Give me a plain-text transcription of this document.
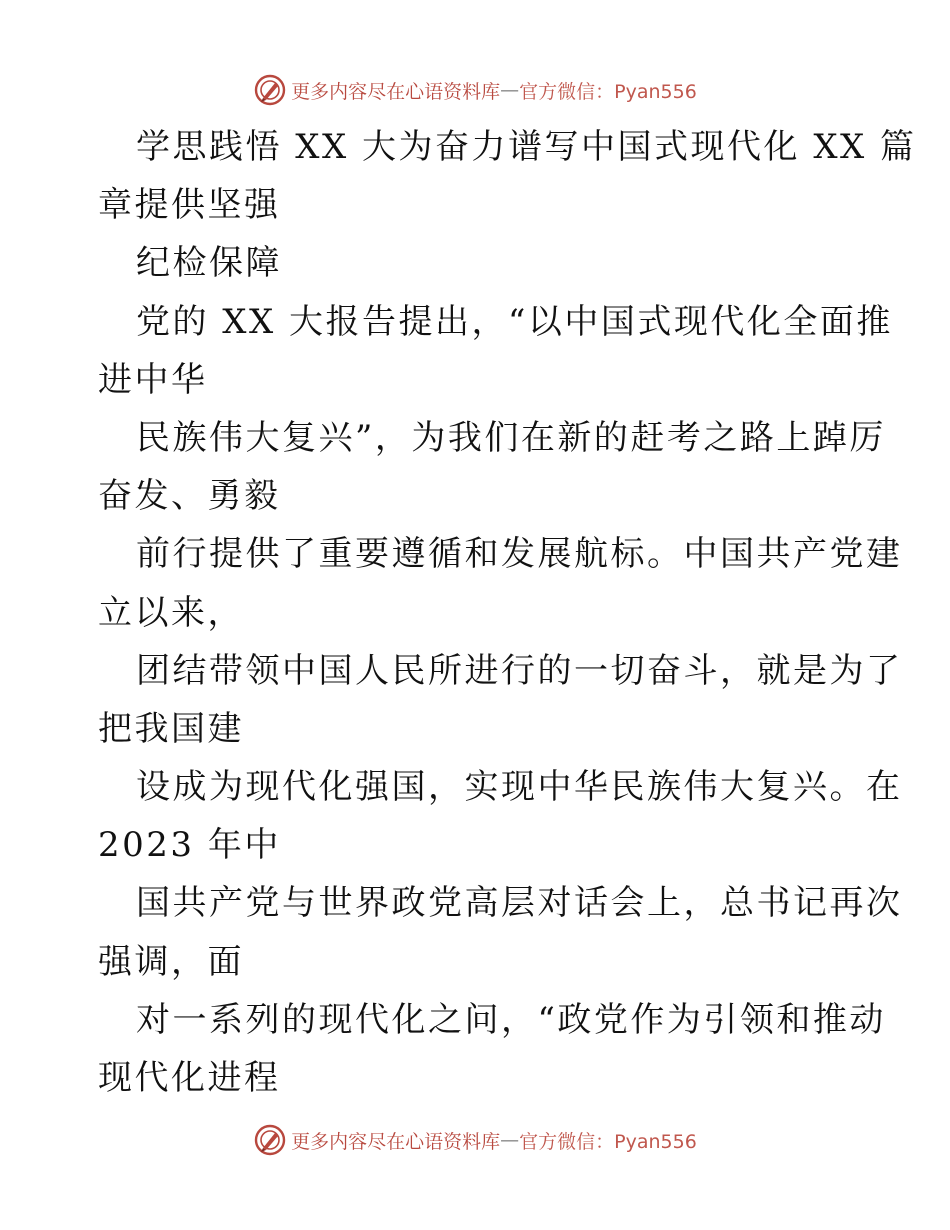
更多内容尽在心语资料库 — 官方微信：Pyan556
学思践悟 XX 大为奋力谱写中国式现代化 XX 篇
章提供坚强
纪检保障
党的 XX 大报告提出，“以中国式现代化全面推
进中华
民族伟大复兴”，为我们在新的赶考之路上踔厉
奋发、勇毅
前行提供了重要遵循和发展航标。中国共产党建
立以来，
团结带领中国人民所进行的一切奋斗，就是为了
把我国建
设成为现代化强国，实现中华民族伟大复兴。在
2023 年中
国共产党与世界政党高层对话会上，总书记再次
强调，面
对一系列的现代化之问，“政党作为引领和推动
现代化进程
更多内容尽在心语资料库 — 官方微信：Pyan556
